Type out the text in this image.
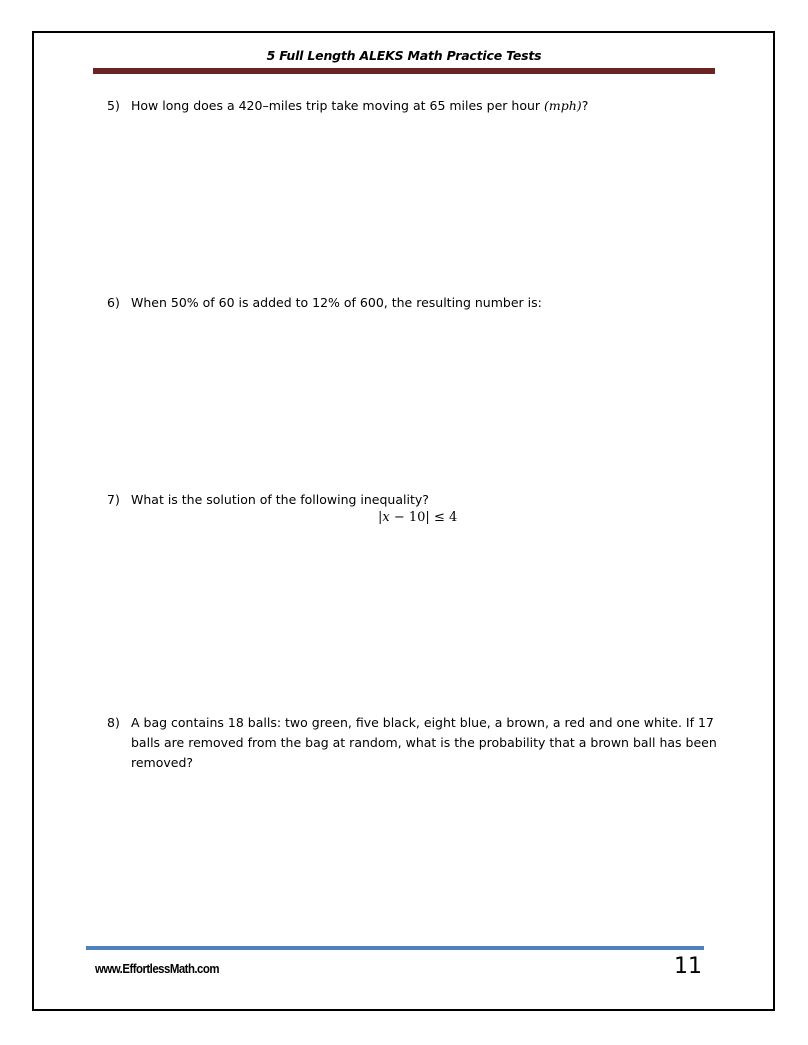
5 Full Length ALEKS Math Practice Tests
5) How long does a 420–miles trip take moving at 65 miles per hour (mph)?
6) When 50% of 60 is added to 12% of 600, the resulting number is:
7) What is the solution of the following inequality?
|x − 10| ≤ 4
8) A bag contains 18 balls: two green, five black, eight blue, a brown, a red and one white. If 17 balls are removed from the bag at random, what is the probability that a brown ball has been removed?
www.EffortlessMath.com	11
